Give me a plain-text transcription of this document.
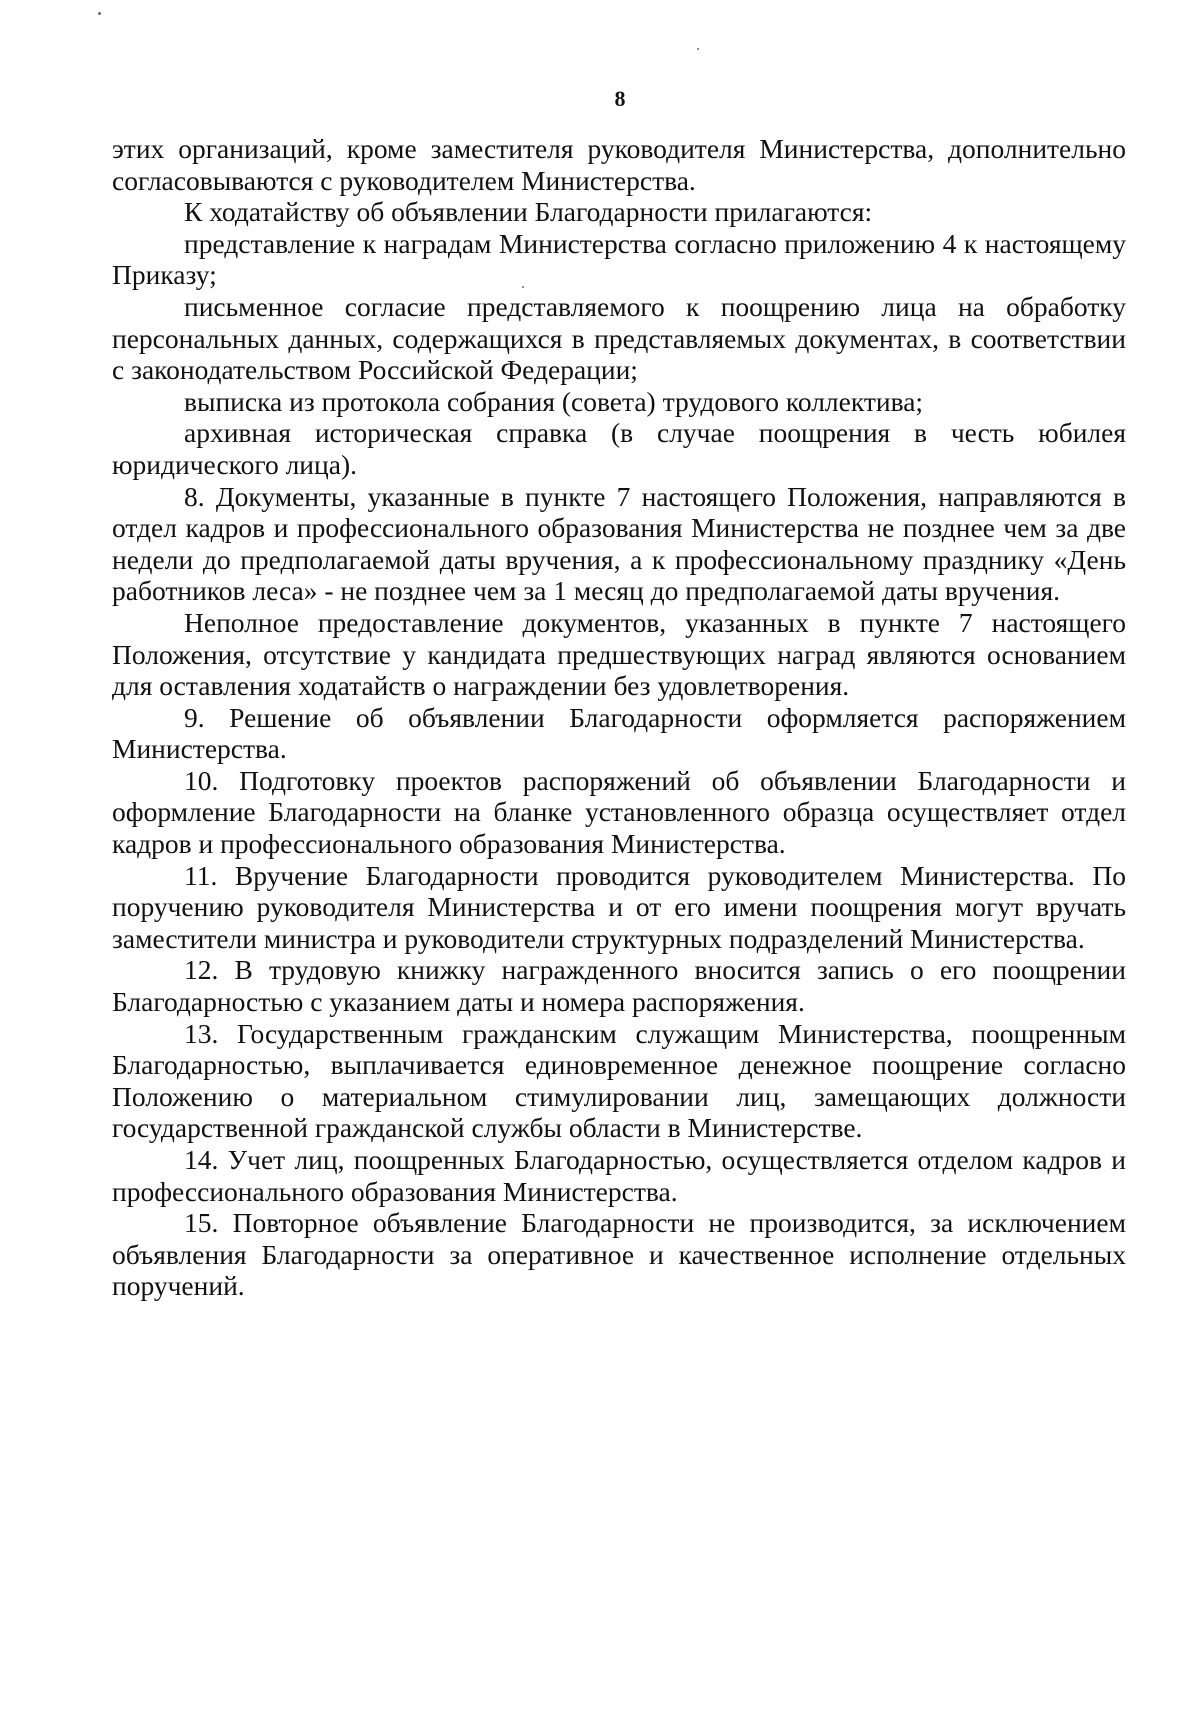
8

этих организаций, кроме заместителя руководителя Министерства, дополнительно согласовываются с руководителем Министерства.

К ходатайству об объявлении Благодарности прилагаются:

представление к наградам Министерства согласно приложению 4 к настоящему Приказу;

письменное согласие представляемого к поощрению лица на обработку персональных данных, содержащихся в представляемых документах, в соответствии с законодательством Российской Федерации;

выписка из протокола собрания (совета) трудового коллектива;

архивная историческая справка (в случае поощрения в честь юбилея юридического лица).

8. Документы, указанные в пункте 7 настоящего Положения, направляются в отдел кадров и профессионального образования Министерства не позднее чем за две недели до предполагаемой даты вручения, а к профессиональному празднику «День работников леса» - не позднее чем за 1 месяц до предполагаемой даты вручения.

Неполное предоставление документов, указанных в пункте 7 настоящего Положения, отсутствие у кандидата предшествующих наград являются основанием для оставления ходатайств о награждении без удовлетворения.

9. Решение об объявлении Благодарности оформляется распоряжением Министерства.

10. Подготовку проектов распоряжений об объявлении Благодарности и оформление Благодарности на бланке установленного образца осуществляет отдел кадров и профессионального образования Министерства.

11. Вручение Благодарности проводится руководителем Министерства. По поручению руководителя Министерства и от его имени поощрения могут вручать заместители министра и руководители структурных подразделений Министерства.

12. В трудовую книжку награжденного вносится запись о его поощрении Благодарностью с указанием даты и номера распоряжения.

13. Государственным гражданским служащим Министерства, поощренным Благодарностью, выплачивается единовременное денежное поощрение согласно Положению о материальном стимулировании лиц, замещающих должности государственной гражданской службы области в Министерстве.

14. Учет лиц, поощренных Благодарностью, осуществляется отделом кадров и профессионального образования Министерства.

15. Повторное объявление Благодарности не производится, за исключением объявления Благодарности за оперативное и качественное исполнение отдельных поручений.
